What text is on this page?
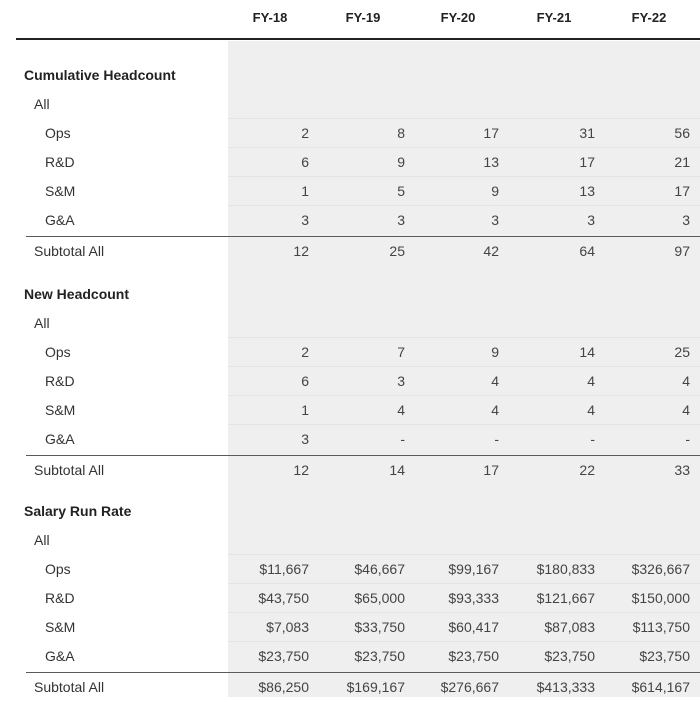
FY-18	FY-19	FY-20	FY-21	FY-22
Cumulative Headcount
All
Ops	2	8	17	31	56
R&D	6	9	13	17	21
S&M	1	5	9	13	17
G&A	3	3	3	3	3
Subtotal All	12	25	42	64	97
New Headcount
All
Ops	2	7	9	14	25
R&D	6	3	4	4	4
S&M	1	4	4	4	4
G&A	3	-	-	-	-
Subtotal All	12	14	17	22	33
Salary Run Rate
All
Ops	$11,667	$46,667	$99,167	$180,833	$326,667
R&D	$43,750	$65,000	$93,333	$121,667	$150,000
S&M	$7,083	$33,750	$60,417	$87,083	$113,750
G&A	$23,750	$23,750	$23,750	$23,750	$23,750
Subtotal All	$86,250	$169,167	$276,667	$413,333	$614,167
